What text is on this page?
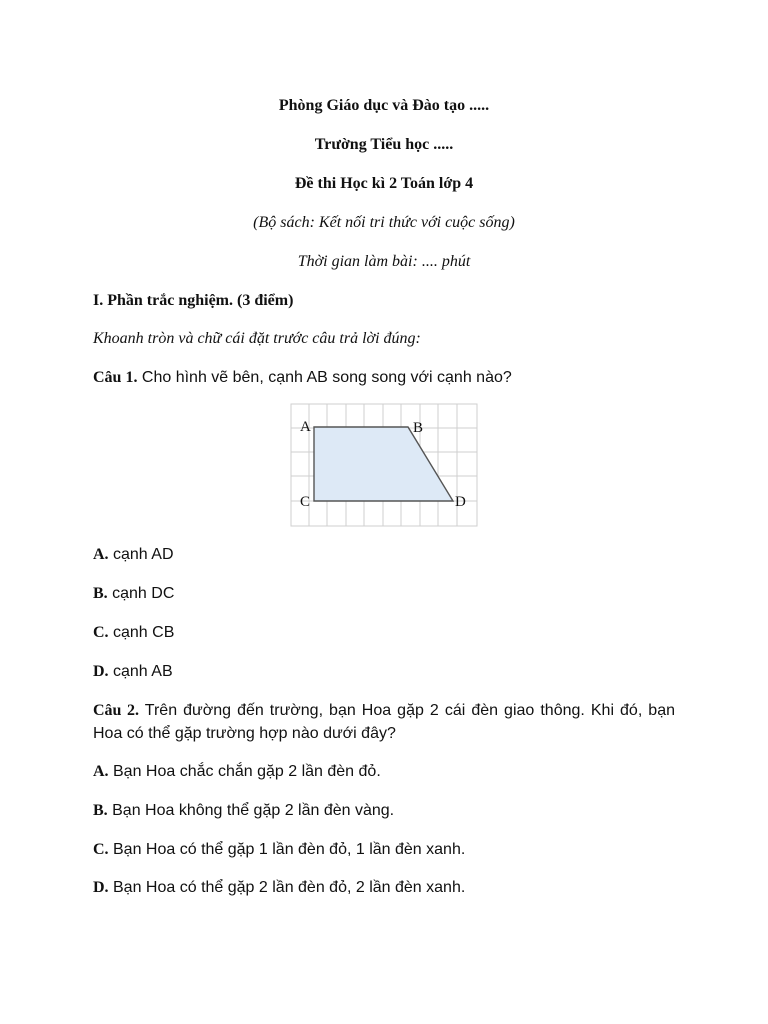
Phòng Giáo dục và Đào tạo .....
Trường Tiểu học .....
Đề thi Học kì 2 Toán lớp 4
(Bộ sách: Kết nối tri thức với cuộc sống)
Thời gian làm bài: .... phút
I. Phần trắc nghiệm. (3 điểm)
Khoanh tròn và chữ cái đặt trước câu trả lời đúng:
Câu 1. Cho hình vẽ bên, cạnh AB song song với cạnh nào?
A	B
C	D
A. cạnh AD
B. cạnh DC
C. cạnh CB
D. cạnh AB
Câu 2. Trên đường đến trường, bạn Hoa gặp 2 cái đèn giao thông. Khi đó, bạn Hoa có thể gặp trường hợp nào dưới đây?
A. Bạn Hoa chắc chắn gặp 2 lần đèn đỏ.
B. Bạn Hoa không thể gặp 2 lần đèn vàng.
C. Bạn Hoa có thể gặp 1 lần đèn đỏ, 1 lần đèn xanh.
D. Bạn Hoa có thể gặp 2 lần đèn đỏ, 2 lần đèn xanh.
